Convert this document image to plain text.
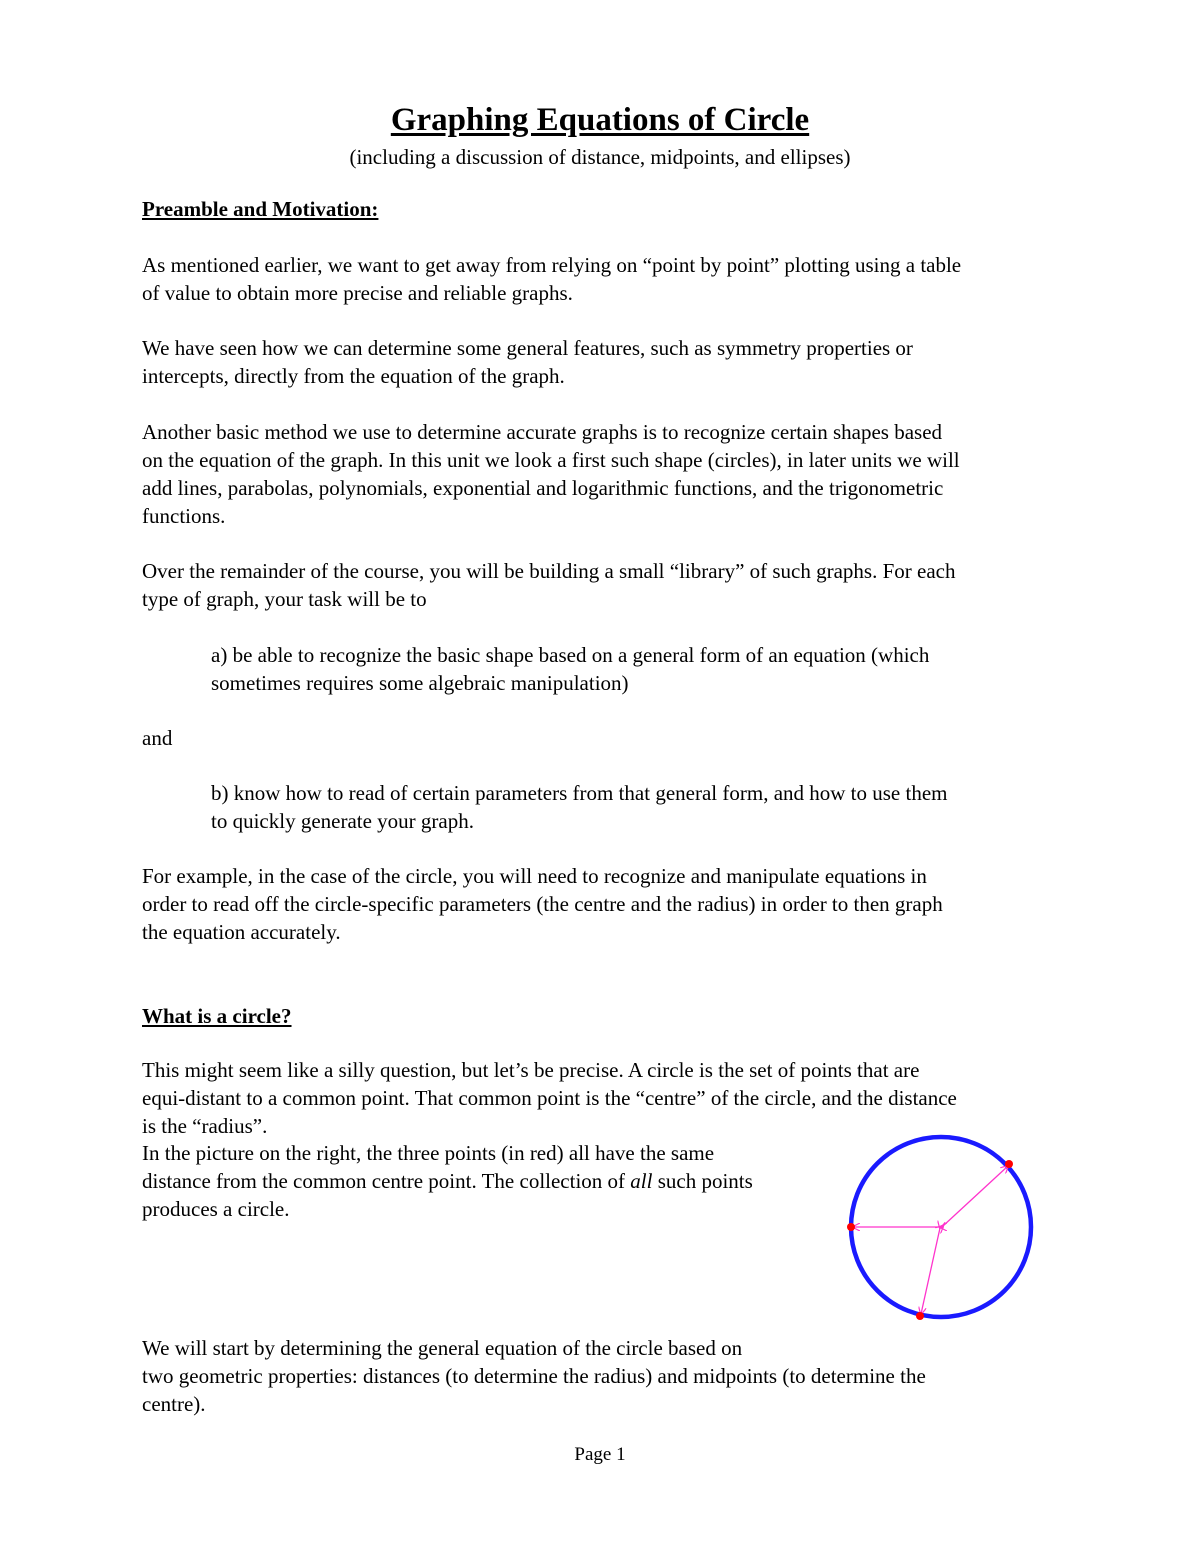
Graphing Equations of Circle

(including a discussion of distance, midpoints, and ellipses)

Preamble and Motivation:

As mentioned earlier, we want to get away from relying on “point by point” plotting using a table
of value to obtain more precise and reliable graphs.

We have seen how we can determine some general features, such as symmetry properties or
intercepts, directly from the equation of the graph.

Another basic method we use to determine accurate graphs is to recognize certain shapes based
on the equation of the graph. In this unit we look a first such shape (circles), in later units we will
add lines, parabolas, polynomials, exponential and logarithmic functions, and the trigonometric
functions.

Over the remainder of the course, you will be building a small “library” of such graphs. For each
type of graph, your task will be to

a) be able to recognize the basic shape based on a general form of an equation (which
sometimes requires some algebraic manipulation)

and

b) know how to read of certain parameters from that general form, and how to use them
to quickly generate your graph.

For example, in the case of the circle, you will need to recognize and manipulate equations in
order to read off the circle-specific parameters (the centre and the radius) in order to then graph
the equation accurately.

What is a circle?

This might seem like a silly question, but let’s be precise. A circle is the set of points that are
equi-distant to a common point. That common point is the “centre” of the circle, and the distance
is the “radius”.

In the picture on the right, the three points (in red) all have the same
distance from the common centre point. The collection of all such points
produces a circle.

We will start by determining the general equation of the circle based on
two geometric properties: distances (to determine the radius) and midpoints (to determine the
centre).

Page 1
